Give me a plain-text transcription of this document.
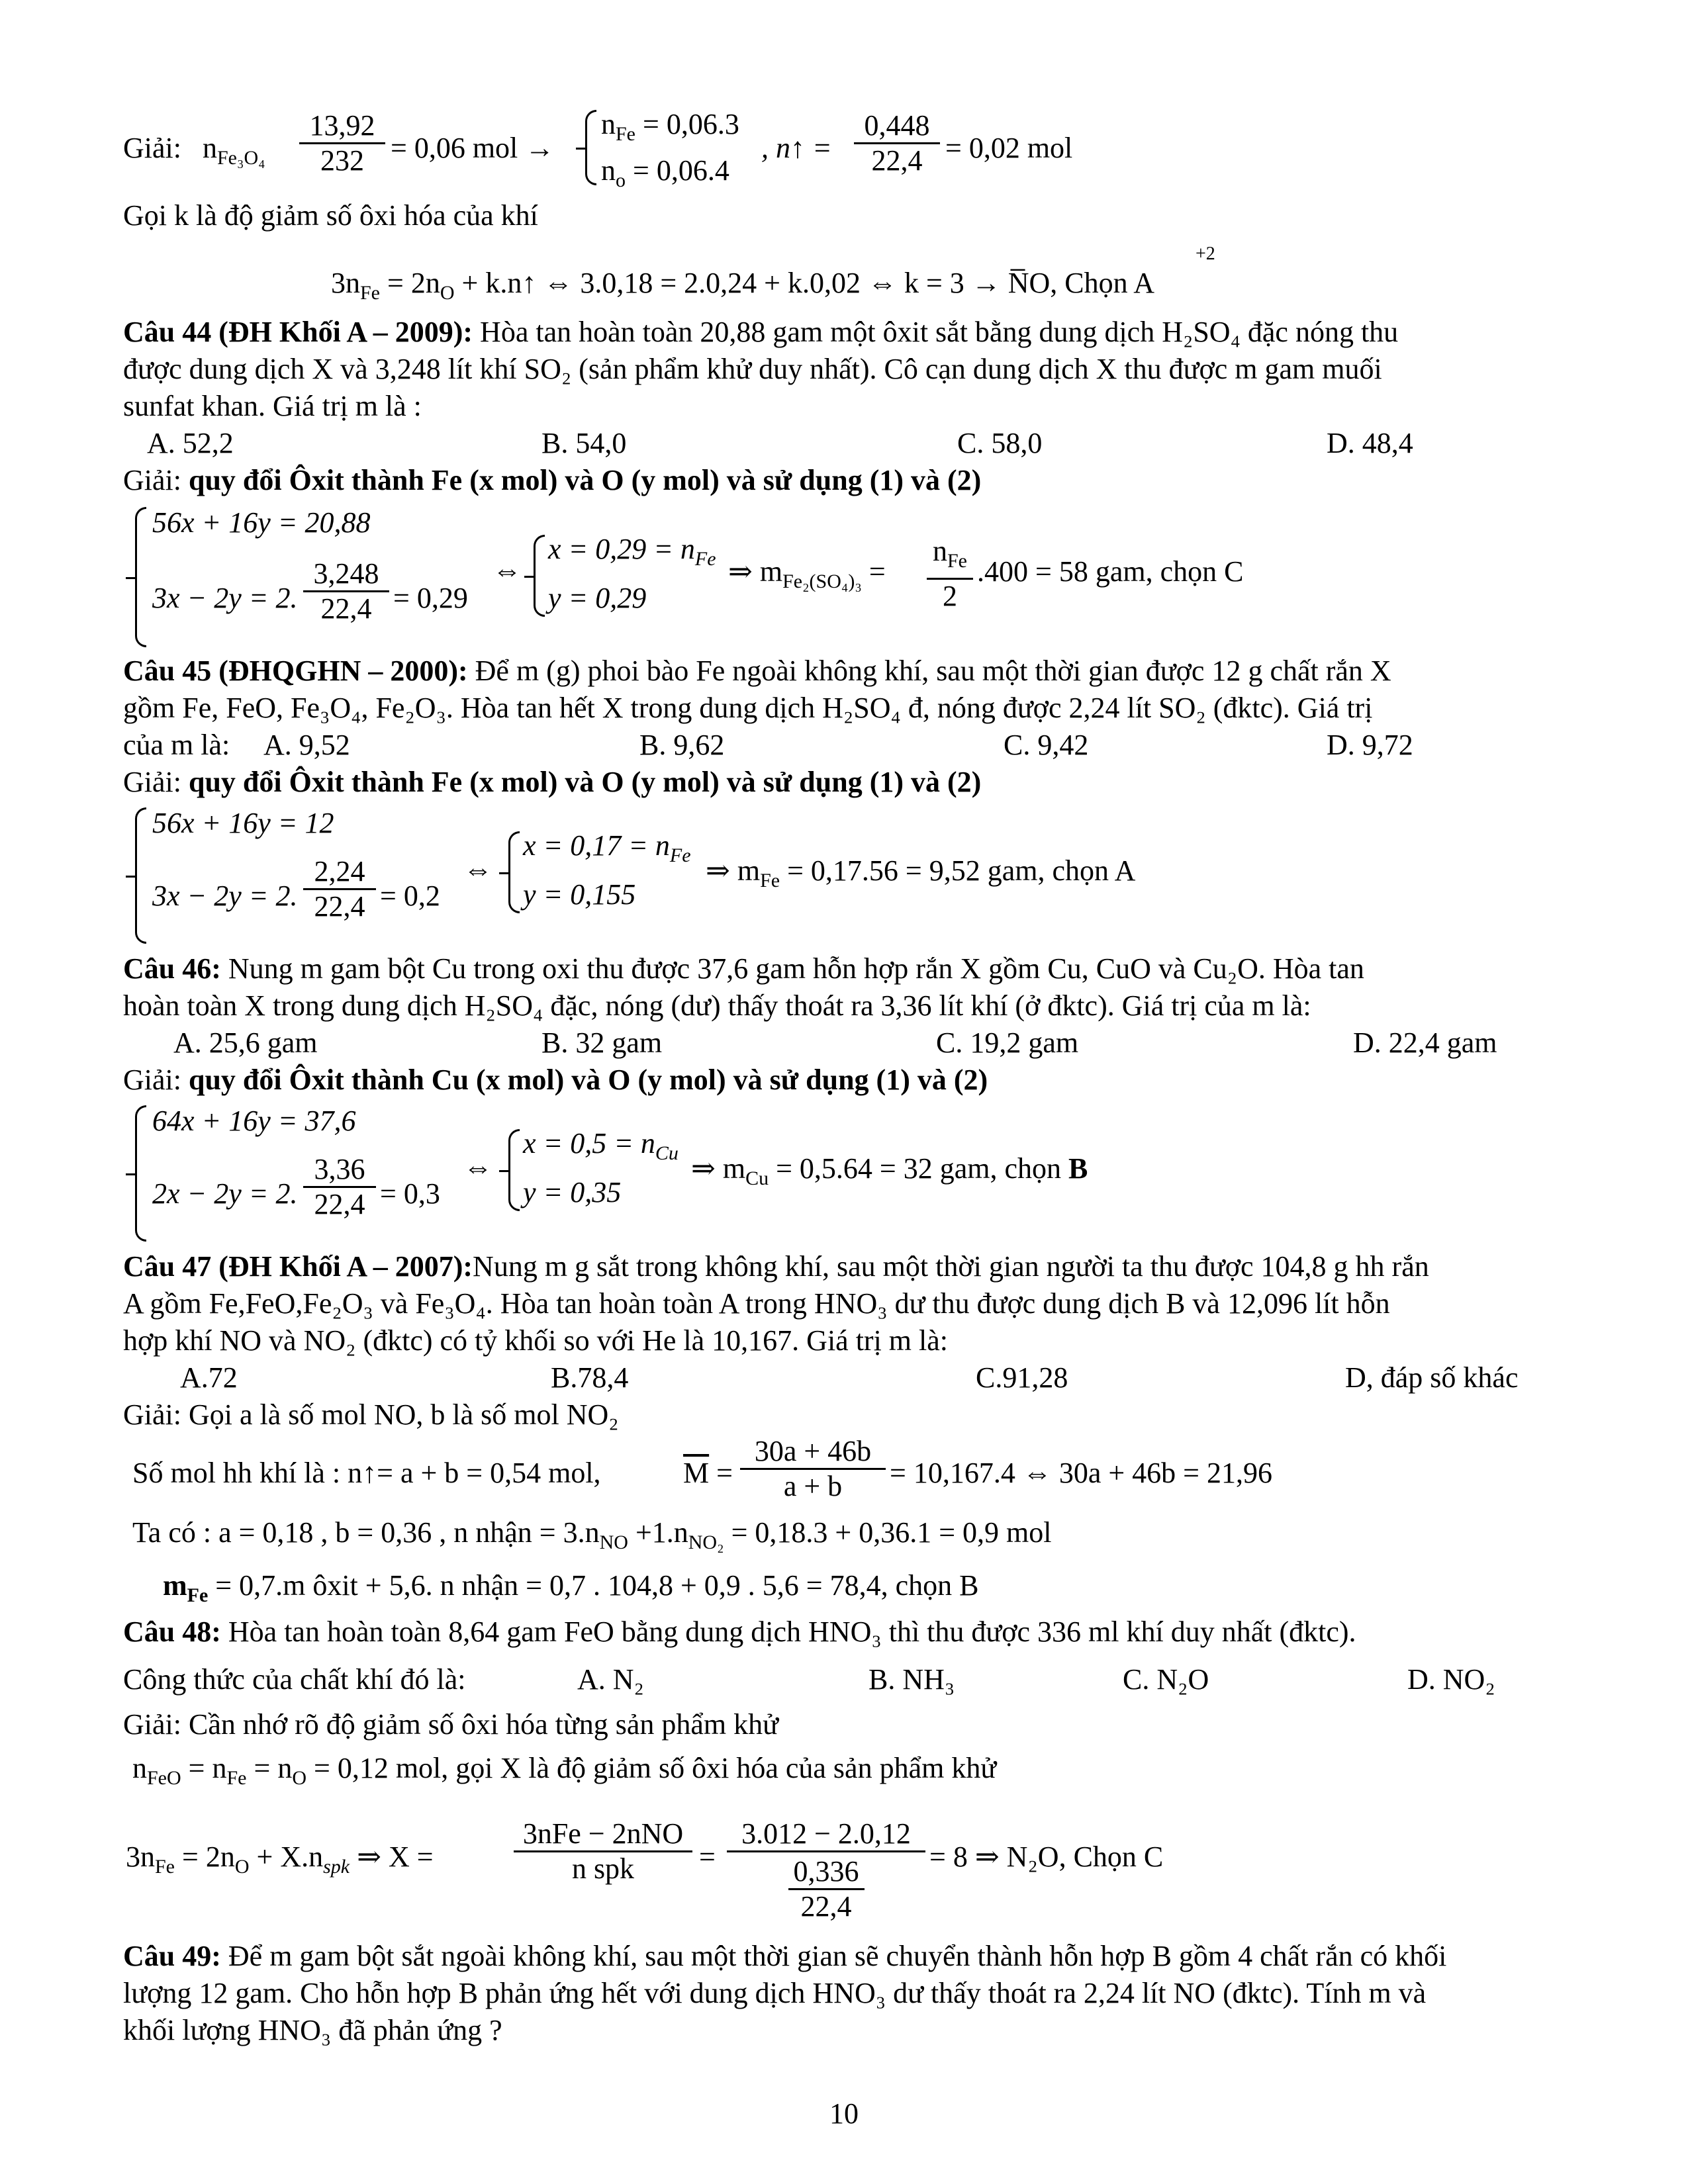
Giải: $n_{Fe_3O_4} \frac{13,92}{232} = 0,06$ mol →
$n_{Fe} = 0,06.3$
$n_o = 0,06.4$
, n↑ = $\frac{0,448}{22,4} = 0,02$ mol
Gọi k là độ giảm số ôxi hóa của khí
+2
$3n_{Fe} = 2n_O$ + k.n↑ ⇔ 3.0,18 = 2.0,24 + k.0,02 ⇔ k = 3 → N̅O, Chọn A
Câu 44 (ĐH Khối A – 2009): Hòa tan hoàn toàn 20,88 gam một ôxit sắt bằng dung dịch H₂SO₄ đặc nóng thu
được dung dịch X và 3,248 lít khí SO₂ (sản phẩm khử duy nhất). Cô cạn dung dịch X thu được m gam muối
sunfat khan. Giá trị m là :
A. 52,2	B. 54,0	C. 58,0	D. 48,4
Giải: quy đổi Ôxit thành Fe (x mol) và O (y mol) và sử dụng (1) và (2)
56x + 16y = 20,88
3x − 2y = 2. $\frac{3,248}{22,4} = 0,29$
⇔
$x = 0,29 = n_{Fe}$
y = 0,29
⇒ $m_{Fe_2(SO_4)_3}$ =
$n_{Fe}$
2
.400 = 58 gam, chọn C
Câu 45 (ĐHQGHN – 2000): Để m (g) phoi bào Fe ngoài không khí, sau một thời gian được 12 g chất rắn X
gồm Fe, FeO, Fe₃O₄, Fe₂O₃. Hòa tan hết X trong dung dịch H₂SO₄ đ, nóng được 2,24 lít SO₂ (đktc). Giá trị
của m là: A. 9,52	B. 9,62	C. 9,42	D. 9,72
Giải: quy đổi Ôxit thành Fe (x mol) và O (y mol) và sử dụng (1) và (2)
56x + 16y = 12
3x − 2y = 2. $\frac{2,24}{22,4} = 0,2$
⇔
$x = 0,17 = n_{Fe}$
y = 0,155
⇒ $m_{Fe} = 0,17.56 = 9,52$ gam, chọn A
Câu 46: Nung m gam bột Cu trong oxi thu được 37,6 gam hỗn hợp rắn X gồm Cu, CuO và Cu₂O. Hòa tan
hoàn toàn X trong dung dịch H₂SO₄ đặc, nóng (dư) thấy thoát ra 3,36 lít khí (ở đktc). Giá trị của m là:
A. 25,6 gam	B. 32 gam	C. 19,2 gam	D. 22,4 gam
Giải: quy đổi Ôxit thành Cu (x mol) và O (y mol) và sử dụng (1) và (2)
64x + 16y = 37,6
2x − 2y = 2. $\frac{3,36}{22,4} = 0,3$
⇔
$x = 0,5 = n_{Cu}$
y = 0,35
⇒ $m_{Cu} = 0,5.64 = 32$ gam, chọn B
Câu 47 (ĐH Khối A – 2007):Nung m g sắt trong không khí, sau một thời gian người ta thu được 104,8 g hh rắn
A gồm Fe,FeO,Fe₂O₃ và Fe₃O₄. Hòa tan hoàn toàn A trong HNO₃ dư thu được dung dịch B và 12,096 lít hỗn
hợp khí NO và NO₂ (đktc) có tỷ khối so với He là 10,167. Giá trị m là:
A.72	B.78,4	C.91,28	D, đáp số khác
Giải: Gọi a là số mol NO, b là số mol NO₂
Số mol hh khí là : n↑= a + b = 0,54 mol,	$\overline{M} = \frac{30a + 46b}{a + b} = 10,167.4$ ⇔ 30a + 46b = 21,96
Ta có : a = 0,18 , b = 0,36 , n nhận = $3.n_{NO} +1.n_{NO_2} = 0,18.3 + 0,36.1 = 0,9$ mol
$m_{Fe} = 0,7.m$ ôxit + 5,6. n nhận = 0,7 . 104,8 + 0,9 . 5,6 = 78,4, chọn B
Câu 48: Hòa tan hoàn toàn 8,64 gam FeO bằng dung dịch HNO₃ thì thu được 336 ml khí duy nhất (đktc).
Công thức của chất khí đó là:	A. N₂	B. NH₃	C. N₂O	D. NO₂
Giải: Cần nhớ rõ độ giảm số ôxi hóa từng sản phẩm khử
$n_{FeO} = n_{Fe} = n_O = 0,12$ mol, gọi X là độ giảm số ôxi hóa của sản phẩm khử
$3n_{Fe} = 2n_O + X.n_{spk}$ ⇒ X =
3nFe − 2nNO
n spk	=
3.012 − 2.0,12
0,336
22,4
= 8 ⇒ N₂O, Chọn C
Câu 49: Để m gam bột sắt ngoài không khí, sau một thời gian sẽ chuyển thành hỗn hợp B gồm 4 chất rắn có khối
lượng 12 gam. Cho hỗn hợp B phản ứng hết với dung dịch HNO₃ dư thấy thoát ra 2,24 lít NO (đktc). Tính m và
khối lượng HNO₃ đã phản ứng ?
10
